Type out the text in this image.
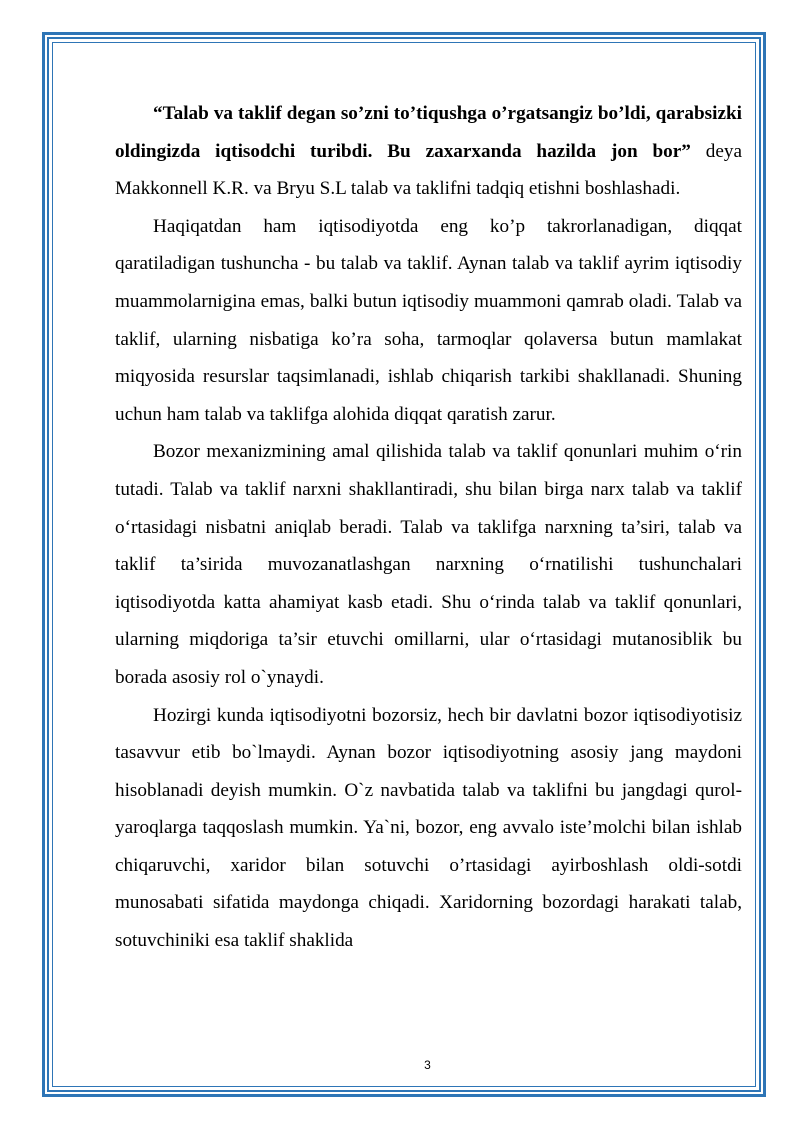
“Talab va taklif degan so’zni to’tiqushga o’rgatsangiz bo’ldi, qarabsizki oldingizda iqtisodchi turibdi. Bu zaxarxanda hazilda jon bor” deya Makkonnell K.R. va Bryu S.L talab va taklifni tadqiq etishni boshlashadi.

Haqiqatdan ham iqtisodiyotda eng ko’p takrorlanadigan, diqqat qaratiladigan tushuncha - bu talab va taklif. Aynan talab va taklif ayrim iqtisodiy muammolarnigina emas, balki butun iqtisodiy muammoni qamrab oladi. Talab va taklif, ularning nisbatiga ko’ra soha, tarmoqlar qolaversa butun mamlakat miqyosida resurslar taqsimlanadi, ishlab chiqarish tarkibi shakllanadi. Shuning uchun ham talab va taklifga alohida diqqat qaratish zarur.

Bozor mexanizmining amal qilishida talab va taklif qonunlari muhim oʻrin tutadi. Talab va taklif narxni shakllantiradi, shu bilan birga narx talab va taklif oʻrtasidagi nisbatni aniqlab beradi. Talab va taklifga narxning ta’siri, talab va taklif ta’sirida muvozanatlashgan narxning oʻrnatilishi tushunchalari iqtisodiyotda katta ahamiyat kasb etadi. Shu oʻrinda talab va taklif qonunlari, ularning miqdoriga ta’sir etuvchi omillarni, ular oʻrtasidagi mutanosiblik bu borada asosiy rol o`ynaydi.

Hozirgi kunda iqtisodiyotni bozorsiz, hech bir davlatni bozor iqtisodiyotisiz tasavvur etib bo`lmaydi. Aynan bozor iqtisodiyotning asosiy jang maydoni hisoblanadi deyish mumkin. O`z navbatida talab va taklifni bu jangdagi qurol-yaroqlarga taqqoslash mumkin. Ya`ni, bozor, eng avvalo iste’molchi bilan ishlab chiqaruvchi, xaridor bilan sotuvchi o’rtasidagi ayirboshlash oldi-sotdi munosabati sifatida maydonga chiqadi. Xaridorning bozordagi harakati talab, sotuvchiniki esa taklif shaklida

3
